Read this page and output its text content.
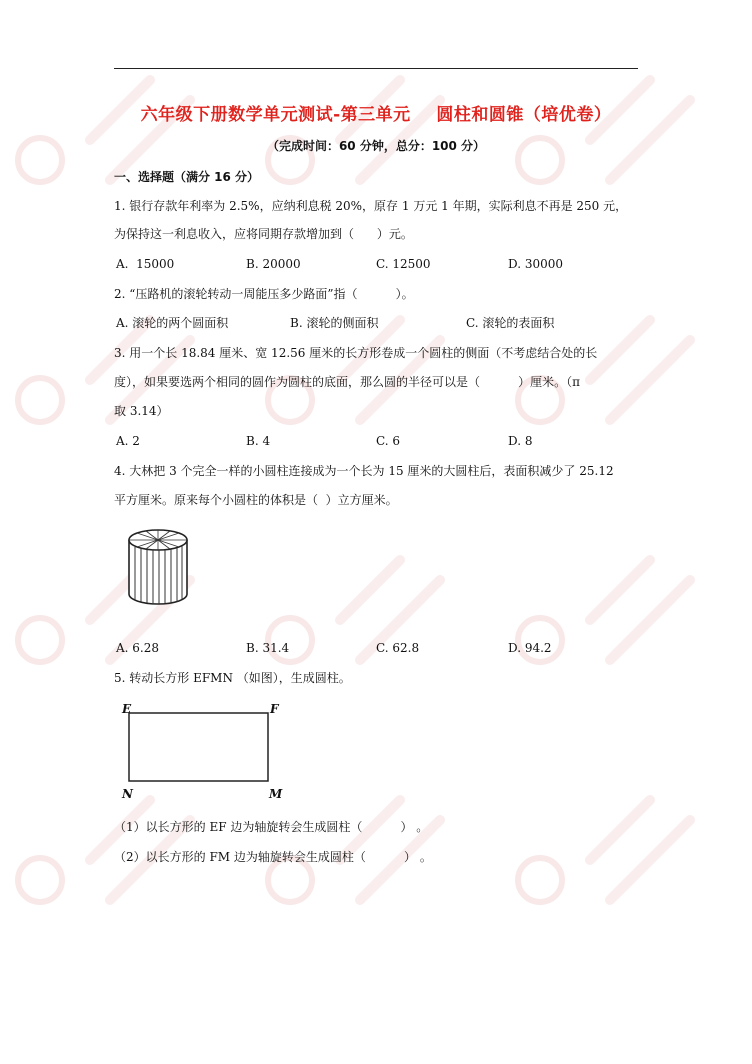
六年级下册数学单元测试-第三单元    圆柱和圆锥（培优卷）
（完成时间：60 分钟，总分：100 分）
一、选择题（满分 16 分）
1. 银行存款年利率为 2.5%，应纳利息税 20%，原存 1 万元 1 年期，实际利息不再是 250 元，
为保持这一利息收入，应将同期存款增加到（      ）元。
A.  15000	B. 20000	C. 12500	D. 30000
2. “压路机的滚轮转动一周能压多少路面”指（          ）。
A. 滚轮的两个圆面积	B. 滚轮的侧面积	C. 滚轮的表面积
3. 用一个长 18.84 厘米、宽 12.56 厘米的长方形卷成一个圆柱的侧面（不考虑结合处的长
度），如果要选两个相同的圆作为圆柱的底面，那么圆的半径可以是（          ）厘米。（π
取 3.14）
A. 2	B. 4	C. 6	D. 8
4. 大林把 3 个完全一样的小圆柱连接成为一个长为 15 厘米的大圆柱后，表面积减少了 25.12
平方厘米。原来每个小圆柱的体积是（  ）立方厘米。
A. 6.28	B. 31.4	C. 62.8	D. 94.2
5. 转动长方形 EFMN （如图），生成圆柱。
E	F
N	M
（1）以长方形的 EF 边为轴旋转会生成圆柱（          ） 。
（2）以长方形的 FM 边为轴旋转会生成圆柱（          ） 。
